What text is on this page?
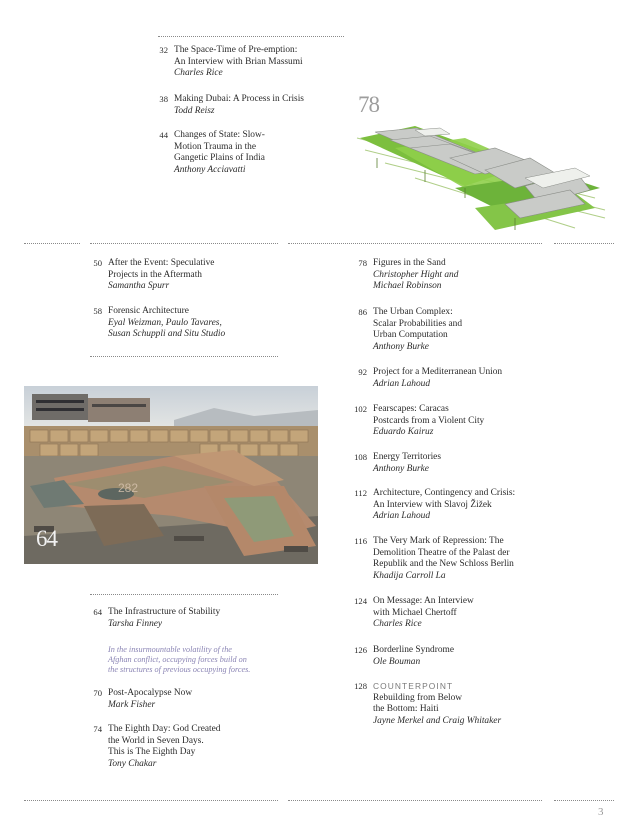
78
282
64
32 The Space-Time of Pre-emption:
An Interview with Brian Massumi
Charles Rice
38 Making Dubai: A Process in Crisis
Todd Reisz
44 Changes of State: Slow-
Motion Trauma in the
Gangetic Plains of India
Anthony Acciavatti
50 After the Event: Speculative
Projects in the Aftermath
Samantha Spurr
58 Forensic Architecture
Eyal Weizman, Paulo Tavares,
Susan Schuppli and Situ Studio
64 The Infrastructure of Stability
Tarsha Finney
In the insurmountable volatility of the
Afghan conflict, occupying forces build on
the structures of previous occupying forces.
70 Post-Apocalypse Now
Mark Fisher
74 The Eighth Day: God Created
the World in Seven Days.
This is The Eighth Day
Tony Chakar
78 Figures in the Sand
Christopher Hight and
Michael Robinson
86 The Urban Complex:
Scalar Probabilities and
Urban Computation
Anthony Burke
92 Project for a Mediterranean Union
Adrian Lahoud
102 Fearscapes: Caracas
Postcards from a Violent City
Eduardo Kairuz
108 Energy Territories
Anthony Burke
112 Architecture, Contingency and Crisis:
An Interview with Slavoj Žižek
Adrian Lahoud
116 The Very Mark of Repression: The
Demolition Theatre of the Palast der
Republik and the New Schloss Berlin
Khadija Carroll La
124 On Message: An Interview
with Michael Chertoff
Charles Rice
126 Borderline Syndrome
Ole Bouman
128 COUNTERPOINT
Rebuilding from Below
the Bottom: Haiti
Jayne Merkel and Craig Whitaker
3
